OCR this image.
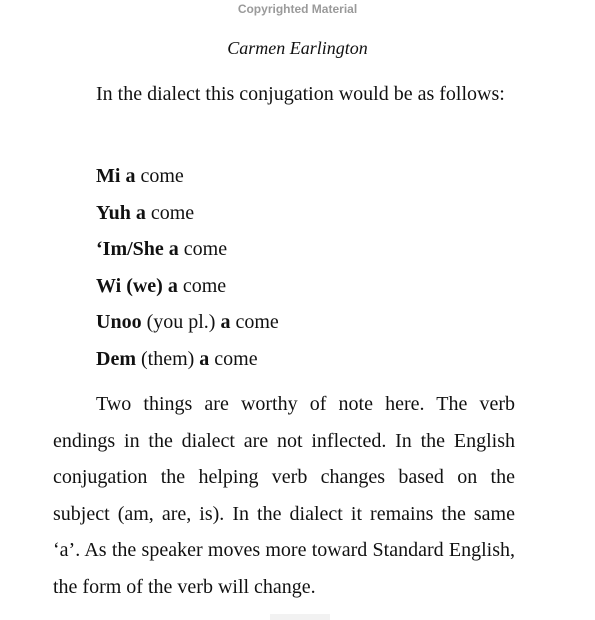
Copyrighted Material
Carmen Earlington

In the dialect this conjugation would be as follows:

Mi a come
Yuh a come
‘Im/She a come
Wi (we) a come
Unoo (you pl.) a come
Dem (them) a come

Two things are worthy of note here. The verb endings in the dialect are not inflected. In the English conjugation the helping verb changes based on the subject (am, are, is). In the dialect it remains the same ‘a’. As the speaker moves more toward Standard English, the form of the verb will change.
